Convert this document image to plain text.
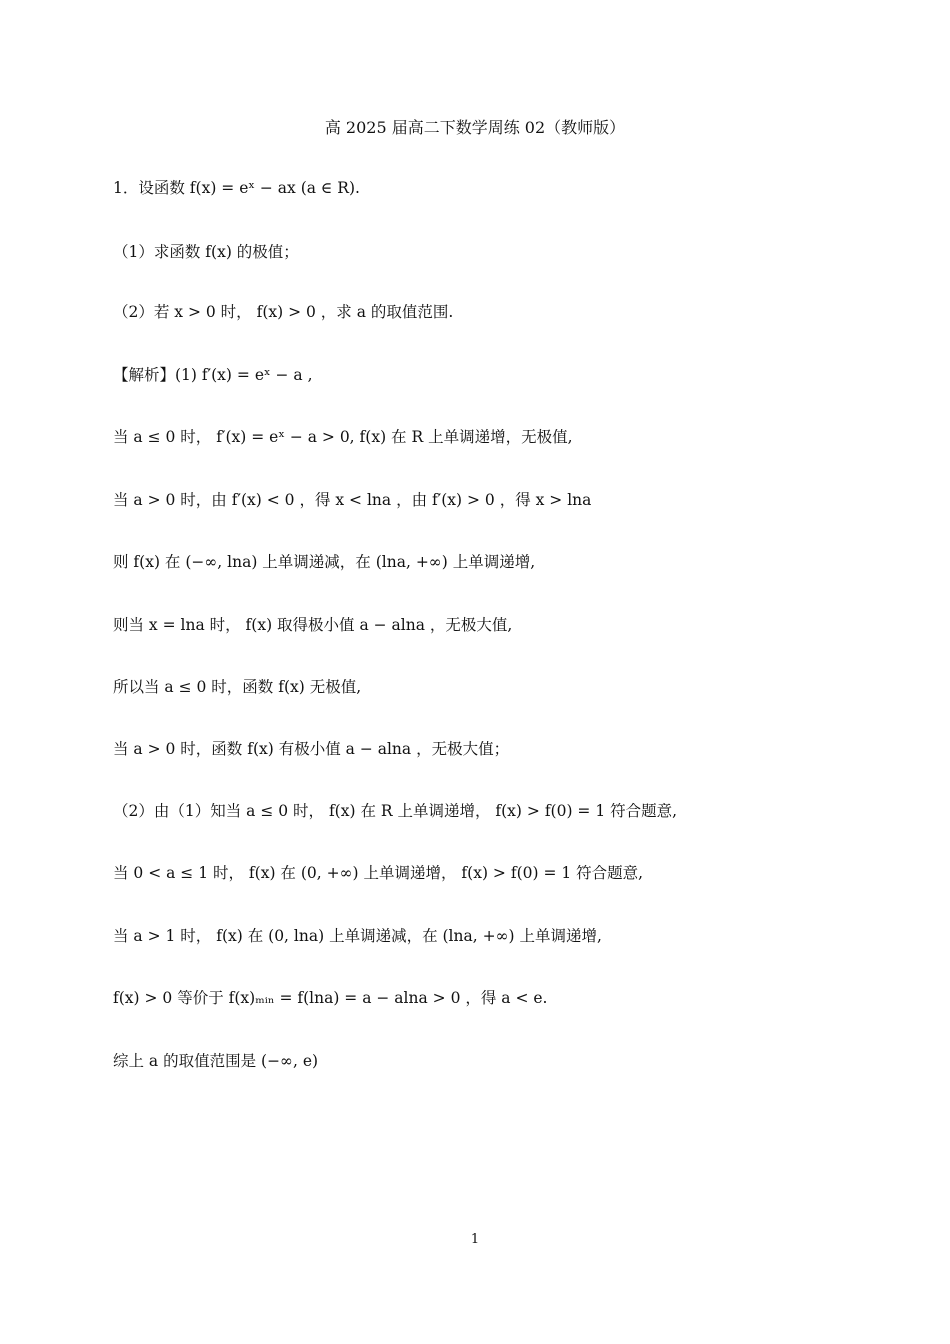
高 2025 届高二下数学周练 02（教师版）
1．设函数 f(x) = eˣ − ax (a ∈ R).
（1）求函数 f(x) 的极值；
（2）若 x > 0 时， f(x) > 0 ，求 a 的取值范围.
【解析】(1) f′(x) = eˣ − a ,
当 a ≤ 0 时， f′(x) = eˣ − a > 0, f(x) 在 R 上单调递增，无极值,
当 a > 0 时，由 f′(x) < 0 ，得 x < lna ，由 f′(x) > 0 ，得 x > lna
则 f(x) 在 (−∞, lna) 上单调递减，在 (lna, +∞) 上单调递增,
则当 x = lna 时， f(x) 取得极小值 a − alna ，无极大值,
所以当 a ≤ 0 时，函数 f(x) 无极值,
当 a > 0 时，函数 f(x) 有极小值 a − alna ，无极大值；
（2）由（1）知当 a ≤ 0 时， f(x) 在 R 上单调递增， f(x) > f(0) = 1 符合题意,
当 0 < a ≤ 1 时， f(x) 在 (0, +∞) 上单调递增， f(x) > f(0) = 1 符合题意,
当 a > 1 时， f(x) 在 (0, lna) 上单调递减，在 (lna, +∞) 上单调递增,
f(x) > 0 等价于 f(x)ₘᵢₙ = f(lna) = a − alna > 0 ，得 a < e.
综上 a 的取值范围是 (−∞, e)
1
